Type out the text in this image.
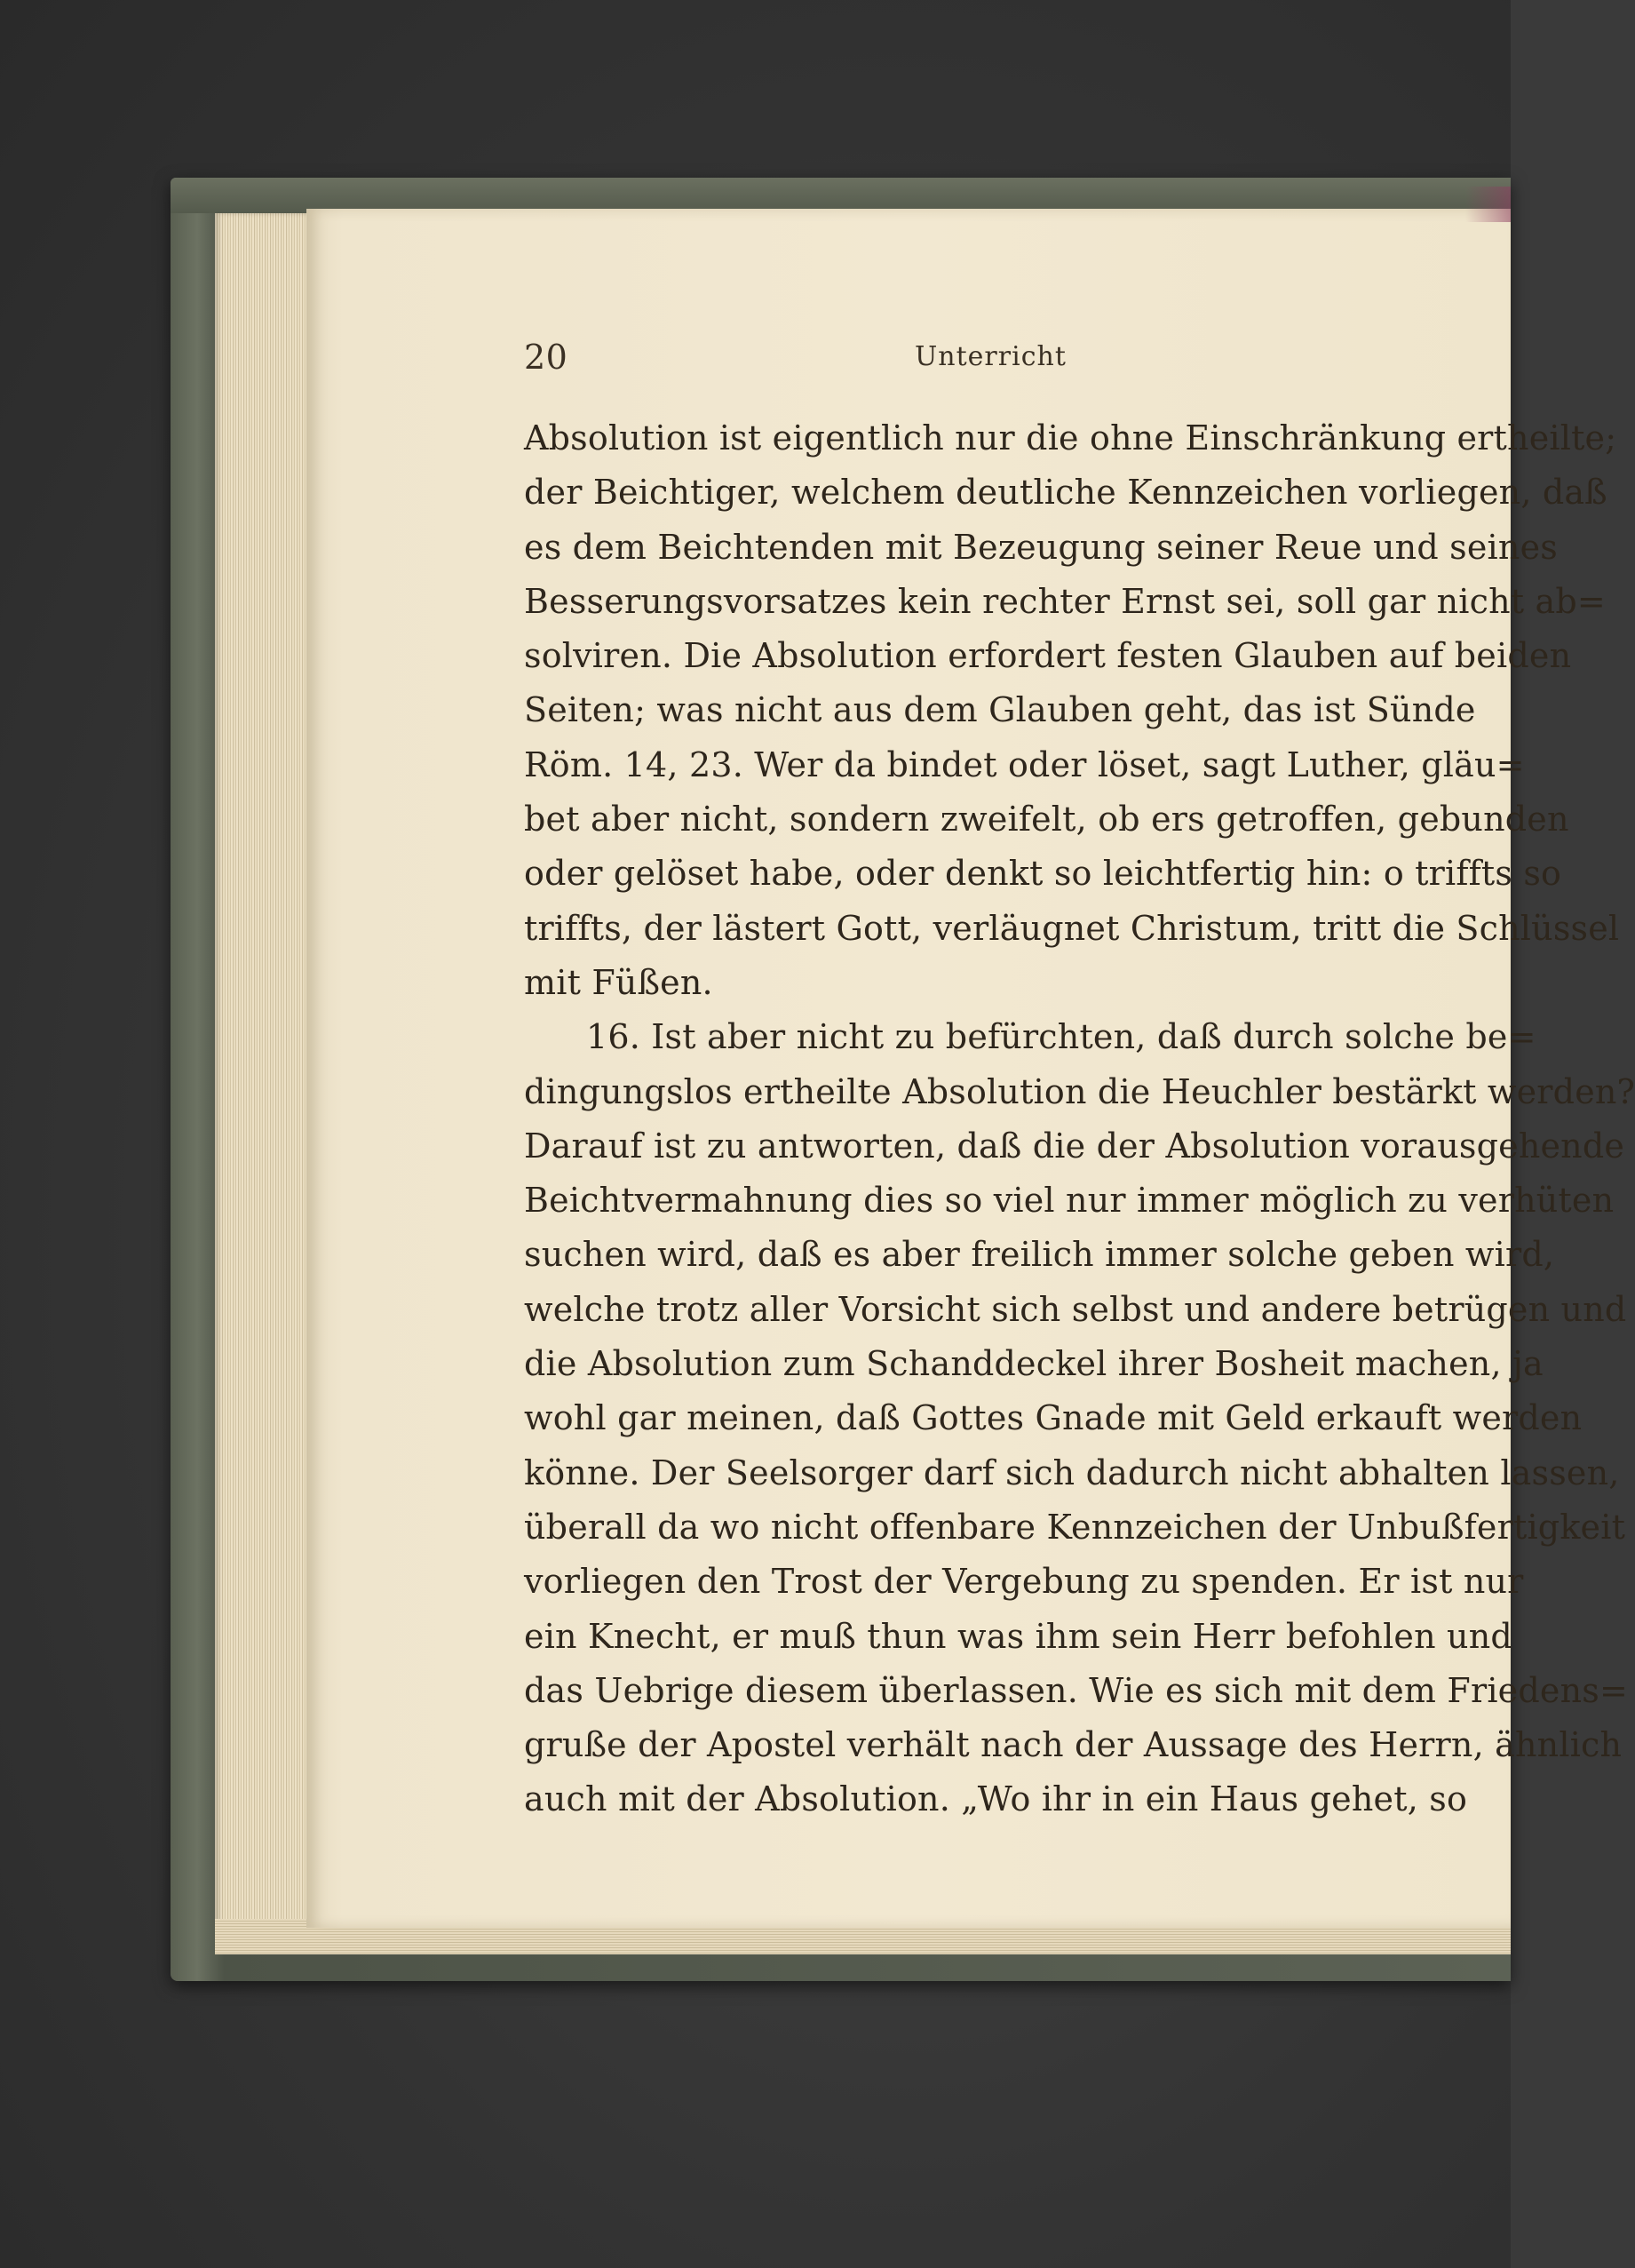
20	Unterricht
Absolution ist eigentlich nur die ohne Einschränkung ertheilte;
der Beichtiger, welchem deutliche Kennzeichen vorliegen, daß
es dem Beichtenden mit Bezeugung seiner Reue und seines
Besserungsvorsatzes kein rechter Ernst sei, soll gar nicht ab=
solviren. Die Absolution erfordert festen Glauben auf beiden
Seiten; was nicht aus dem Glauben geht, das ist Sünde
Röm. 14, 23. Wer da bindet oder löset, sagt Luther, gläu=
bet aber nicht, sondern zweifelt, ob ers getroffen, gebunden
oder gelöset habe, oder denkt so leichtfertig hin: o triffts so
triffts, der lästert Gott, verläugnet Christum, tritt die Schlüssel
mit Füßen.
16. Ist aber nicht zu befürchten, daß durch solche be=
dingungslos ertheilte Absolution die Heuchler bestärkt werden?
Darauf ist zu antworten, daß die der Absolution vorausgehende
Beichtvermahnung dies so viel nur immer möglich zu verhüten
suchen wird, daß es aber freilich immer solche geben wird,
welche trotz aller Vorsicht sich selbst und andere betrügen und
die Absolution zum Schanddeckel ihrer Bosheit machen, ja
wohl gar meinen, daß Gottes Gnade mit Geld erkauft werden
könne. Der Seelsorger darf sich dadurch nicht abhalten lassen,
überall da wo nicht offenbare Kennzeichen der Unbußfertigkeit
vorliegen den Trost der Vergebung zu spenden. Er ist nur
ein Knecht, er muß thun was ihm sein Herr befohlen und
das Uebrige diesem überlassen. Wie es sich mit dem Friedens=
gruße der Apostel verhält nach der Aussage des Herrn, ähnlich
auch mit der Absolution. „Wo ihr in ein Haus gehet, so
